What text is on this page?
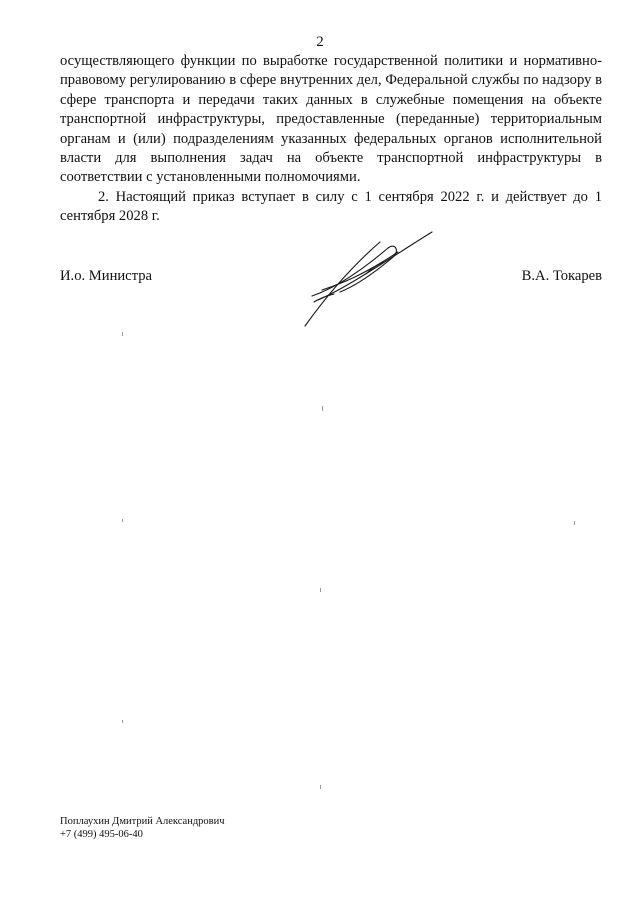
2

осуществляющего функции по выработке государственной политики и нормативно-правовому регулированию в сфере внутренних дел, Федеральной службы по надзору в сфере транспорта и передачи таких данных в служебные помещения на объекте транспортной инфраструктуры, предоставленные (переданные) территориальным органам и (или) подразделениям указанных федеральных органов исполнительной власти для выполнения задач на объекте транспортной инфраструктуры в соответствии с установленными полномочиями.

2. Настоящий приказ вступает в силу с 1 сентября 2022 г. и действует до 1 сентября 2028 г.

И.о. Министра	В.А. Токарев
Поплаухин Дмитрий Александрович
+7 (499) 495-06-40
